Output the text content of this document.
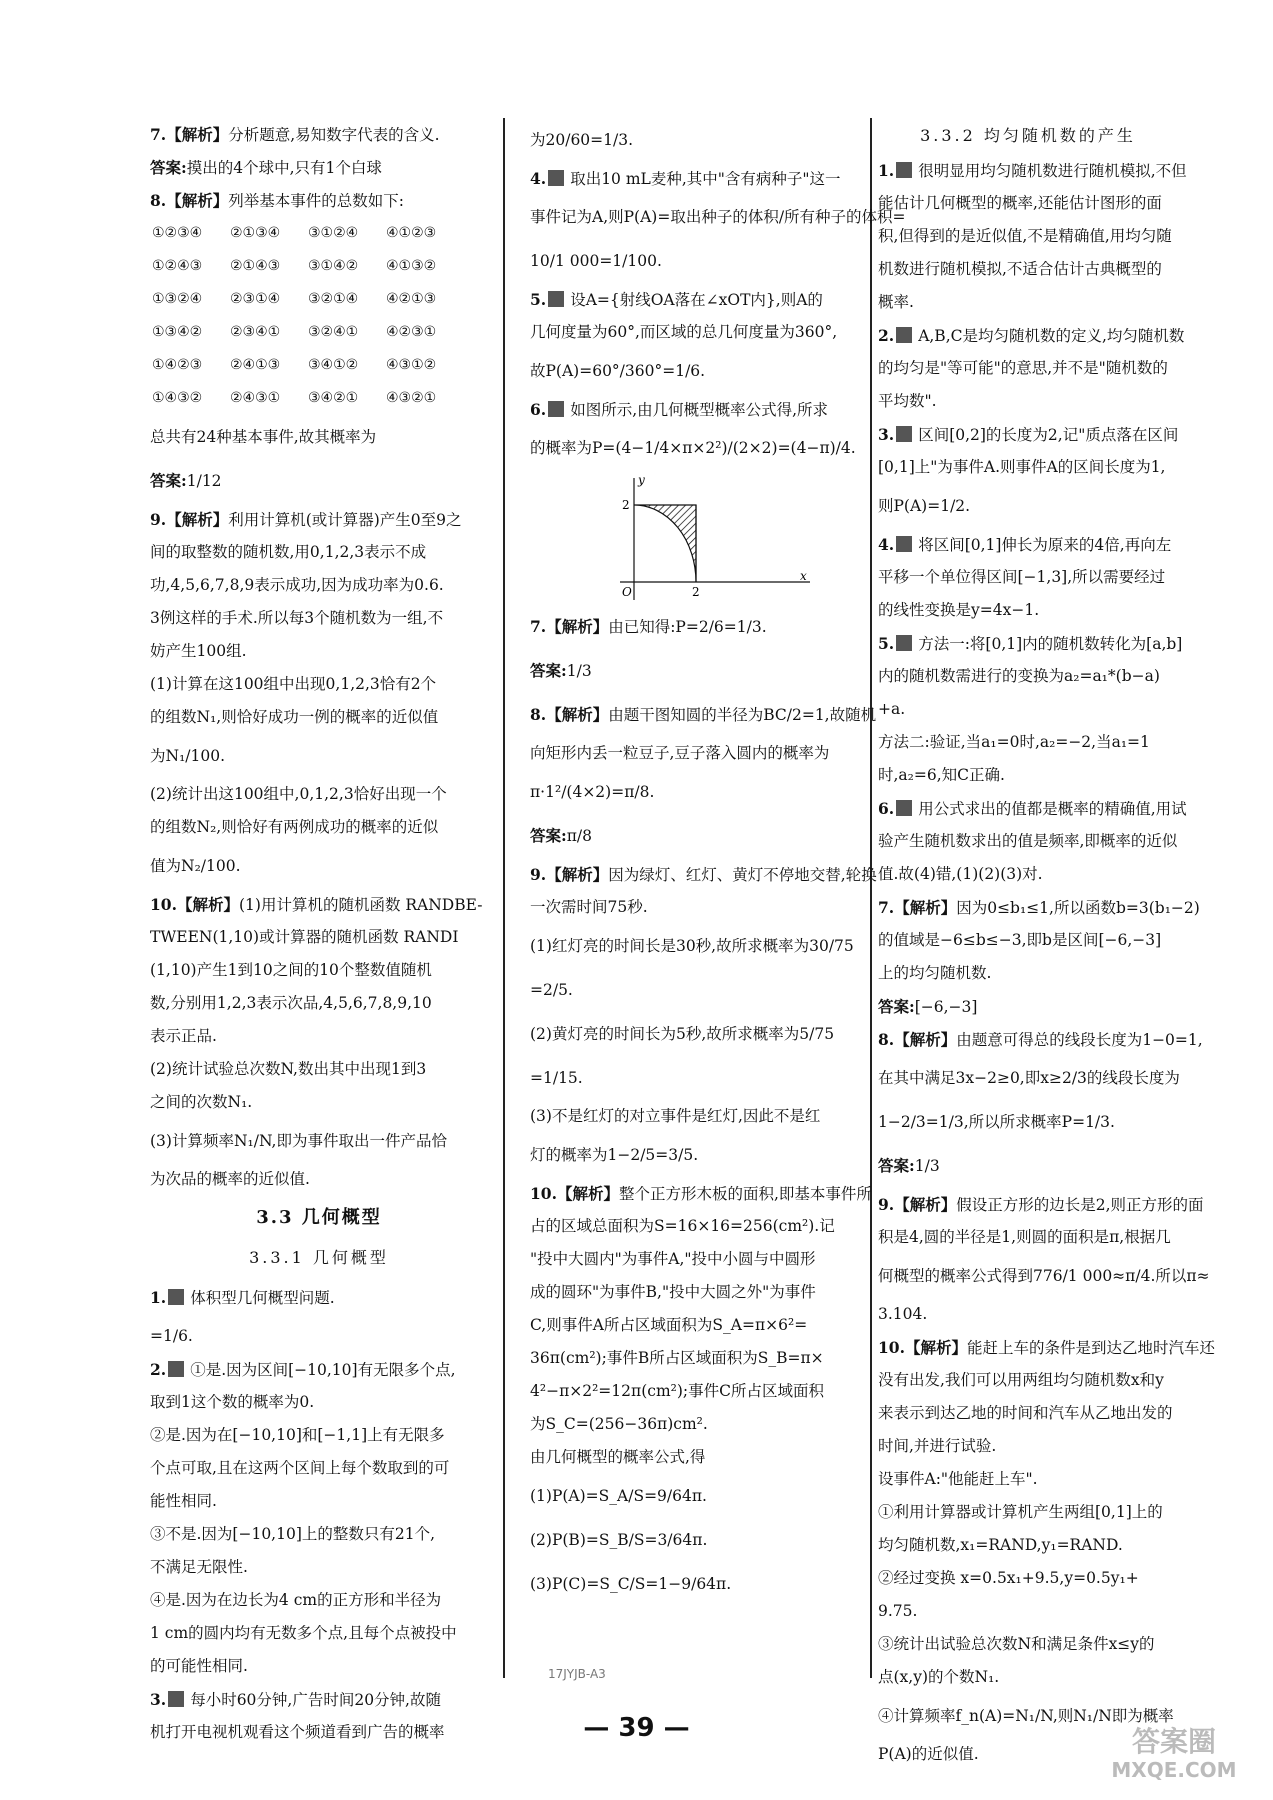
7.【解析】分析题意,易知数字代表的含义.
答案:摸出的4个球中,只有1个白球
8.【解析】列举基本事件的总数如下:
①②③④	②①③④	③①②④	④①②③
①②④③	②①④③	③①④②	④①③②
①③②④	②③①④	③②①④	④②①③
①③④②	②③④①	③②④①	④②③①
①④②③	②④①③	③④①②	④③①②
①④③②	②④③①	③④②①	④③②①
总共有24种基本事件,故其概率为
答案:1/12
9.【解析】利用计算机(或计算器)产生0至9之
间的取整数的随机数,用0,1,2,3表示不成
功,4,5,6,7,8,9表示成功,因为成功率为0.6.
3例这样的手术.所以每3个随机数为一组,不
妨产生100组.
(1)计算在这100组中出现0,1,2,3恰有2个
的组数N₁,则恰好成功一例的概率的近似值
为N₁/100.
(2)统计出这100组中,0,1,2,3恰好出现一个
的组数N₂,则恰好有两例成功的概率的近似
值为N₂/100.
10.【解析】(1)用计算机的随机函数 RANDBE-
TWEEN(1,10)或计算器的随机函数 RANDI
(1,10)产生1到10之间的10个整数值随机
数,分别用1,2,3表示次品,4,5,6,7,8,9,10
表示正品.
(2)统计试验总次数N,数出其中出现1到3
之间的次数N₁.
(3)计算频率N₁/N,即为事件取出一件产品恰
为次品的概率的近似值.
3.3 几何概型
3.3.1 几何概型
1. 体积型几何概型问题.
=1/6.
2. ①是.因为区间[−10,10]有无限多个点,
取到1这个数的概率为0.
②是.因为在[−10,10]和[−1,1]上有无限多
个点可取,且在这两个区间上每个数取到的可
能性相同.
③不是.因为[−10,10]上的整数只有21个,
不满足无限性.
④是.因为在边长为4 cm的正方形和半径为
1 cm的圆内均有无数多个点,且每个点被投中
的可能性相同.
3. 每小时60分钟,广告时间20分钟,故随
机打开电视机观看这个频道看到广告的概率
为20/60=1/3.
4. 取出10 mL麦种,其中"含有病种子"这一
事件记为A,则P(A)=取出种子的体积/所有种子的体积=
10/1 000=1/100.
5. 设A={射线OA落在∠xOT内},则A的
几何度量为60°,而区域的总几何度量为360°,
故P(A)=60°/360°=1/6.
6. 如图所示,由几何概型概率公式得,所求
的概率为P=(4−1/4×π×2²)/(2×2)=(4−π)/4.
y
x
O	2
2
7.【解析】由已知得:P=2/6=1/3.
答案:1/3
8.【解析】由题干图知圆的半径为BC/2=1,故随机
向矩形内丢一粒豆子,豆子落入圆内的概率为
π·1²/(4×2)=π/8.
答案:π/8
9.【解析】因为绿灯、红灯、黄灯不停地交替,轮换
一次需时间75秒.
(1)红灯亮的时间长是30秒,故所求概率为30/75
=2/5.
(2)黄灯亮的时间长为5秒,故所求概率为5/75
=1/15.
(3)不是红灯的对立事件是红灯,因此不是红
灯的概率为1−2/5=3/5.
10.【解析】整个正方形木板的面积,即基本事件所
占的区域总面积为S=16×16=256(cm²).记
"投中大圆内"为事件A,"投中小圆与中圆形
成的圆环"为事件B,"投中大圆之外"为事件
C,则事件A所占区域面积为S_A=π×6²=
36π(cm²);事件B所占区域面积为S_B=π×
4²−π×2²=12π(cm²);事件C所占区域面积
为S_C=(256−36π)cm².
由几何概型的概率公式,得
(1)P(A)=S_A/S=9/64π.
(2)P(B)=S_B/S=3/64π.
(3)P(C)=S_C/S=1−9/64π.
3.3.2 均匀随机数的产生
1. 很明显用均匀随机数进行随机模拟,不但
能估计几何概型的概率,还能估计图形的面
积,但得到的是近似值,不是精确值,用均匀随
机数进行随机模拟,不适合估计古典概型的
概率.
2. A,B,C是均匀随机数的定义,均匀随机数
的均匀是"等可能"的意思,并不是"随机数的
平均数".
3. 区间[0,2]的长度为2,记"质点落在区间
[0,1]上"为事件A.则事件A的区间长度为1,
则P(A)=1/2.
4. 将区间[0,1]伸长为原来的4倍,再向左
平移一个单位得区间[−1,3],所以需要经过
的线性变换是y=4x−1.
5. 方法一:将[0,1]内的随机数转化为[a,b]
内的随机数需进行的变换为a₂=a₁*(b−a)
+a.
方法二:验证,当a₁=0时,a₂=−2,当a₁=1
时,a₂=6,知C正确.
6. 用公式求出的值都是概率的精确值,用试
验产生随机数求出的值是频率,即概率的近似
值.故(4)错,(1)(2)(3)对.
7.【解析】因为0≤b₁≤1,所以函数b=3(b₁−2)
的值域是−6≤b≤−3,即b是区间[−6,−3]
上的均匀随机数.
答案:[−6,−3]
8.【解析】由题意可得总的线段长度为1−0=1,
在其中满足3x−2≥0,即x≥2/3的线段长度为
1−2/3=1/3,所以所求概率P=1/3.
答案:1/3
9.【解析】假设正方形的边长是2,则正方形的面
积是4,圆的半径是1,则圆的面积是π,根据几
何概型的概率公式得到776/1 000≈π/4.所以π≈
3.104.
10.【解析】能赶上车的条件是到达乙地时汽车还
没有出发,我们可以用两组均匀随机数x和y
来表示到达乙地的时间和汽车从乙地出发的
时间,并进行试验.
设事件A:"他能赶上车".
①利用计算器或计算机产生两组[0,1]上的
均匀随机数,x₁=RAND,y₁=RAND.
②经过变换 x=0.5x₁+9.5,y=0.5y₁+
9.75.
③统计出试验总次数N和满足条件x≤y的
点(x,y)的个数N₁.
④计算频率f_n(A)=N₁/N,则N₁/N即为概率
P(A)的近似值.
— 39 —
17JYJB-A3
答案圈
MXQE.COM
